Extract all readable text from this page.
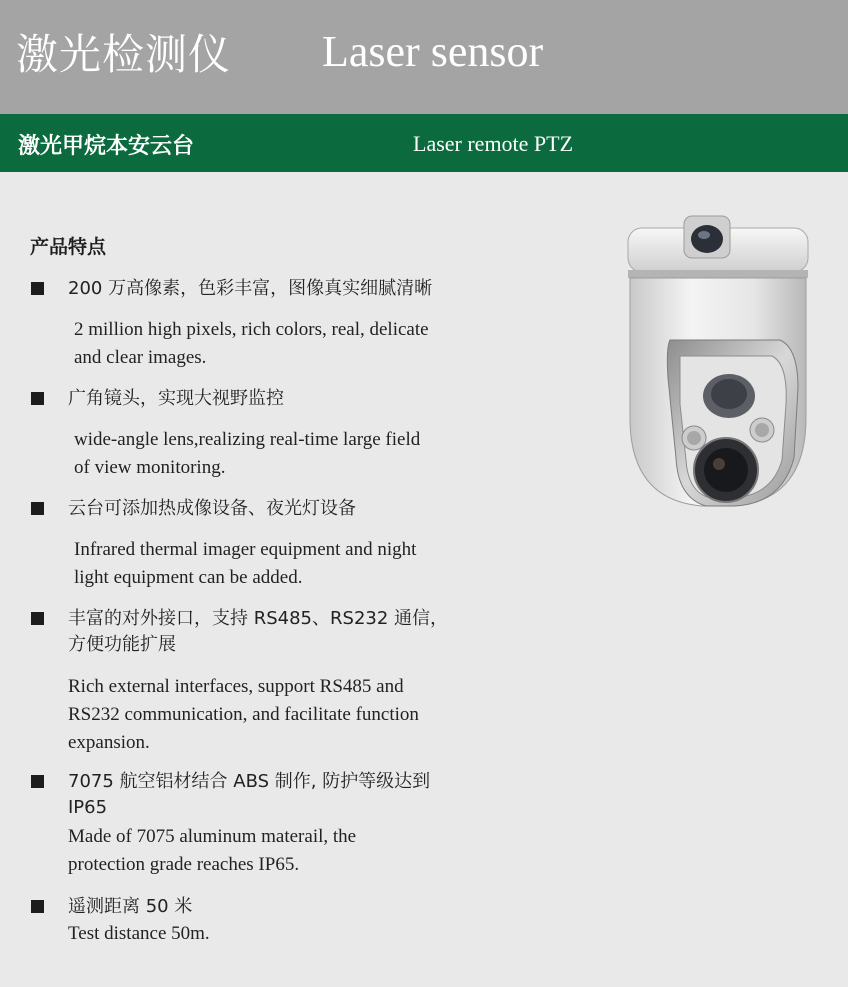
激光检测仪 Laser sensor
激光甲烷本安云台	Laser remote PTZ
产品特点
200 万高像素，色彩丰富，图像真实细腻清晰
2 million high pixels, rich colors, real, delicate
and clear images.
广角镜头，实现大视野监控
wide-angle lens,realizing real-time large field
of view monitoring.
云台可添加热成像设备、夜光灯设备
Infrared thermal imager equipment and night
light equipment can be added.
丰富的对外接口，支持 RS485、RS232 通信，
方便功能扩展
Rich external interfaces, support RS485 and
RS232 communication, and facilitate function
expansion.
7075 航空铝材结合 ABS 制作, 防护等级达到
IP65
Made of 7075 aluminum materail, the
protection grade reaches IP65.
遥测距离 50 米
Test distance 50m.
